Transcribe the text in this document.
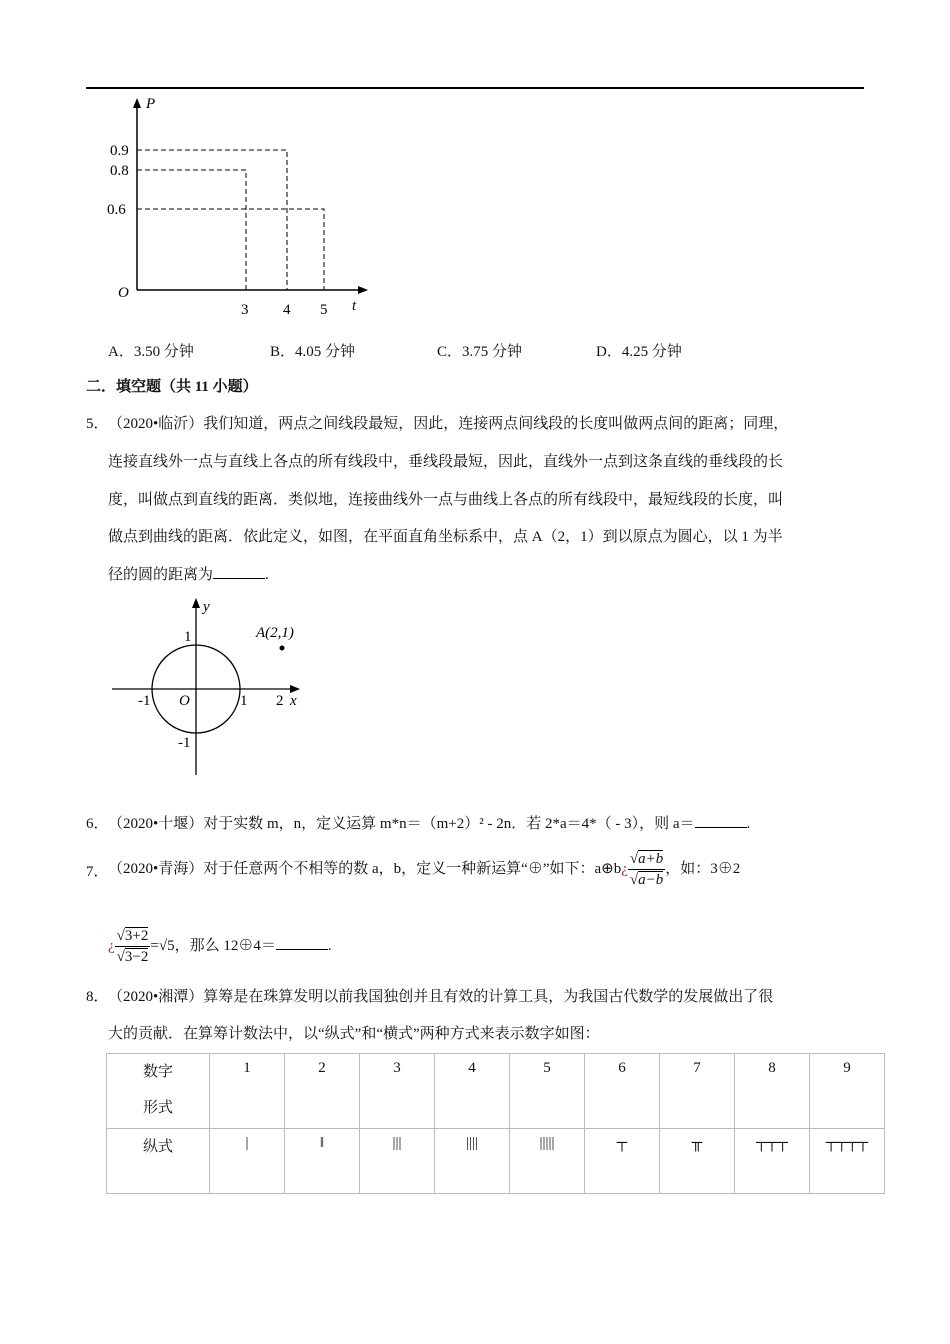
P
t
O
0.9
0.8
0.6
3 4 5
A．3.50 分钟	B．4.05 分钟	C．3.75 分钟	D．4.25 分钟
二．填空题（共 11 小题）
5． （2020•临沂）我们知道，两点之间线段最短，因此，连接两点间线段的长度叫做两点间的距离；同理，
连接直线外一点与直线上各点的所有线段中，垂线段最短，因此，直线外一点到这条直线的垂线段的长
度，叫做点到直线的距离．类似地，连接曲线外一点与曲线上各点的所有线段中，最短线段的长度，叫
做点到曲线的距离．依此定义，如图，在平面直角坐标系中，点 A（2，1）到以原点为圆心，以 1 为半
径的圆的距离为	.
y
x
O
A(2,1)
1
-1
1
-1
2
6． （2020•十堰）对于实数 m，n，定义运算 m*n＝（m+2）² - 2n．若 2*a＝4*（ - 3），则 a＝	.
7． （2020•青海）对于任意两个不相等的数 a，b，定义一种新运算“⊕”如下：a⊕b¿ $\frac{√a+b}{√a-b}$ ，如：3⊕2
¿ $\frac{√3+2}{√3-2} =√5$，那么 12⊕4＝	.
8． （2020•湘潭）算筹是在珠算发明以前我国独创并且有效的计算工具，为我国古代数学的发展做出了很
大的贡献．在算筹计数法中，以“纵式”和“横式”两种方式来表示数字如图：
数字
形式	1	2	3	4	5	6	7	8	9
纵式	|	‖	|||	||||	|||||	┬	╥	┬┬┬	┬┬┬┬
